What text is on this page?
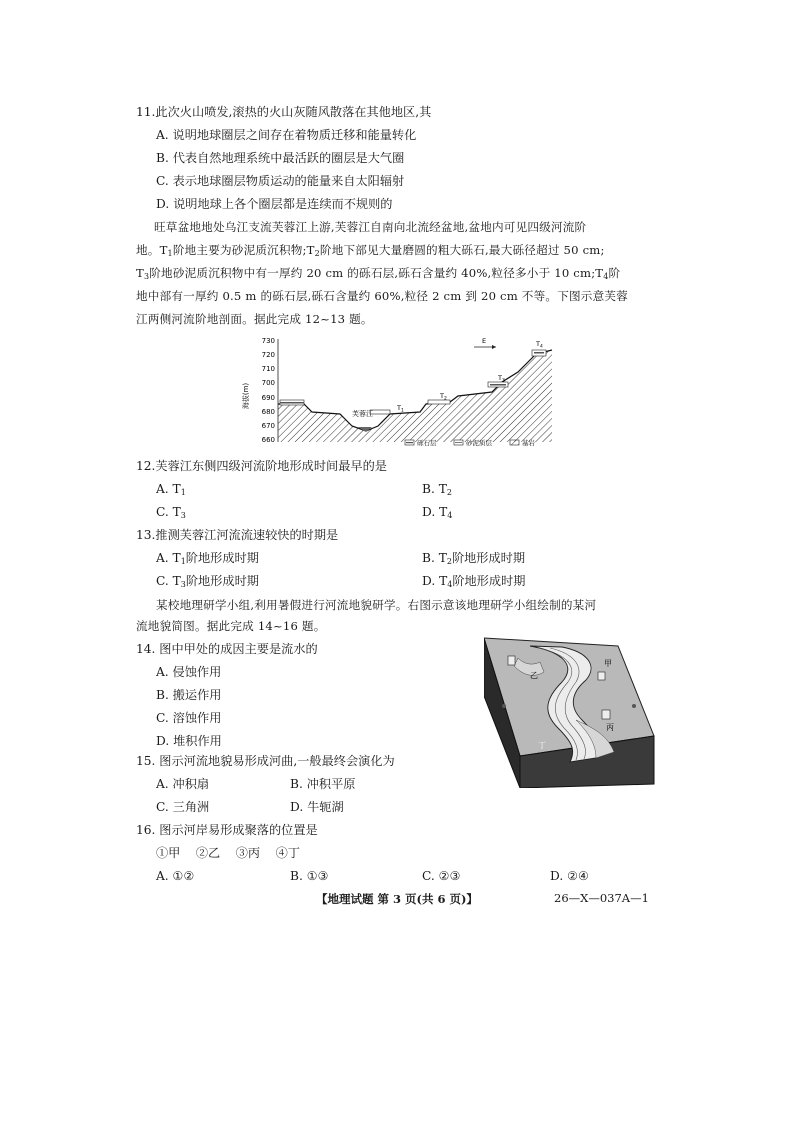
11.此次火山喷发,滚热的火山灰随风散落在其他地区,其
A. 说明地球圈层之间存在着物质迁移和能量转化
B. 代表自然地理系统中最活跃的圈层是大气圈
C. 表示地球圈层物质运动的能量来自太阳辐射
D. 说明地球上各个圈层都是连续而不规则的
旺草盆地地处乌江支流芙蓉江上游,芙蓉江自南向北流经盆地,盆地内可见四级河流阶
地。$T_1$阶地主要为砂泥质沉积物$;T_2$阶地下部见大量磨圆的粗大砾石,最大砾径超过 50 cm;
$T_3$阶地砂泥质沉积物中有一厚约 20 cm 的砾石层,砾石含量约 40%,粒径多小于 10 $cm;T_4$阶
地中部有一厚约 0.5 m 的砾石层,砾石含量约 60%,粒径 2 cm 到 20 cm 不等。下图示意芙蓉
江两侧河流阶地剖面。据此完成 12~13 题。
海拔(m)
730
720
710
700
690
680
670
660
芙蓉江
$T_1$
$T_2$
$T_3$
$T_4$
E
砾石层	砂泥质层	基岩
12.芙蓉江东侧四级河流阶地形成时间最早的是
A. $T_1$	B. $T_2$
C. $T_3$	D. $T_4$
13.推测芙蓉江河流流速较快的时期是
A. $T_1$阶地形成时期	B. $T_2$阶地形成时期
C. $T_3$阶地形成时期	D. $T_4$阶地形成时期
某校地理研学小组,利用暑假进行河流地貌研学。右图示意该地理研学小组绘制的某河
流地貌简图。据此完成 14~16 题。
14. 图中甲处的成因主要是流水的
A. 侵蚀作用
B. 搬运作用
C. 溶蚀作用
D. 堆积作用
甲
乙
丙
丁
15. 图示河流地貌易形成河曲,一般最终会演化为
A. 冲积扇	B. 冲积平原
C. 三角洲	D. 牛轭湖
16. 图示河岸易形成聚落的位置是
①甲    ②乙    ③丙    ④丁
A. ①②	B. ①③	C. ②③	D. ②④
【地理试题 第 3 页(共 6 页)】	26—X—037A—1
